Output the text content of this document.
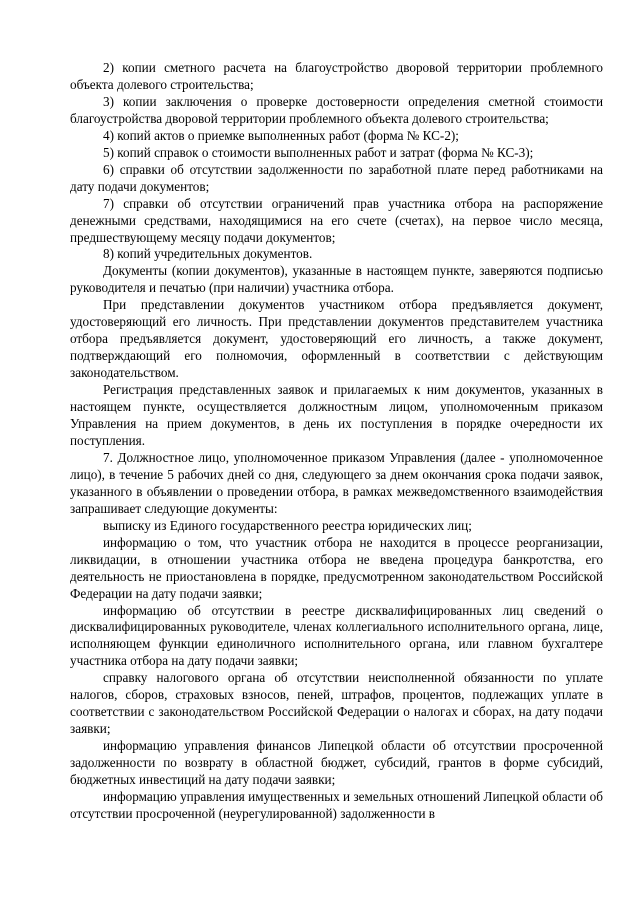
2) копии сметного расчета на благоустройство дворовой территории проблемного объекта долевого строительства;

3) копии заключения о проверке достоверности определения сметной стоимости благоустройства дворовой территории проблемного объекта долевого строительства;

4) копий актов о приемке выполненных работ (форма № КС-2);

5) копий справок о стоимости выполненных работ и затрат (форма № КС-3);

6) справки об отсутствии задолженности по заработной плате перед работниками на дату подачи документов;

7) справки об отсутствии ограничений прав участника отбора на распоряжение денежными средствами, находящимися на его счете (счетах), на первое число месяца, предшествующему месяцу подачи документов;

8) копий учредительных документов.

Документы (копии документов), указанные в настоящем пункте, заверяются подписью руководителя и печатью (при наличии) участника отбора.

При представлении документов участником отбора предъявляется документ, удостоверяющий его личность. При представлении документов представителем участника отбора предъявляется документ, удостоверяющий его личность, а также документ, подтверждающий его полномочия, оформленный в соответствии с действующим законодательством.

Регистрация представленных заявок и прилагаемых к ним документов, указанных в настоящем пункте, осуществляется должностным лицом, уполномоченным приказом Управления на прием документов, в день их поступления в порядке очередности их поступления.

7. Должностное лицо, уполномоченное приказом Управления (далее - уполномоченное лицо), в течение 5 рабочих дней со дня, следующего за днем окончания срока подачи заявок, указанного в объявлении о проведении отбора, в рамках межведомственного взаимодействия запрашивает следующие документы:

выписку из Единого государственного реестра юридических лиц;

информацию о том, что участник отбора не находится в процессе реорганизации, ликвидации, в отношении участника отбора не введена процедура банкротства, его деятельность не приостановлена в порядке, предусмотренном законодательством Российской Федерации на дату подачи заявки;

информацию об отсутствии в реестре дисквалифицированных лиц сведений о дисквалифицированных руководителе, членах коллегиального исполнительного органа, лице, исполняющем функции единоличного исполнительного органа, или главном бухгалтере участника отбора на дату подачи заявки;

справку налогового органа об отсутствии неисполненной обязанности по уплате налогов, сборов, страховых взносов, пеней, штрафов, процентов, подлежащих уплате в соответствии с законодательством Российской Федерации о налогах и сборах, на дату подачи заявки;

информацию управления финансов Липецкой области об отсутствии просроченной задолженности по возврату в областной бюджет, субсидий, грантов в форме субсидий, бюджетных инвестиций на дату подачи заявки;

информацию управления имущественных и земельных отношений Липецкой области об отсутствии просроченной (неурегулированной) задолженности в
